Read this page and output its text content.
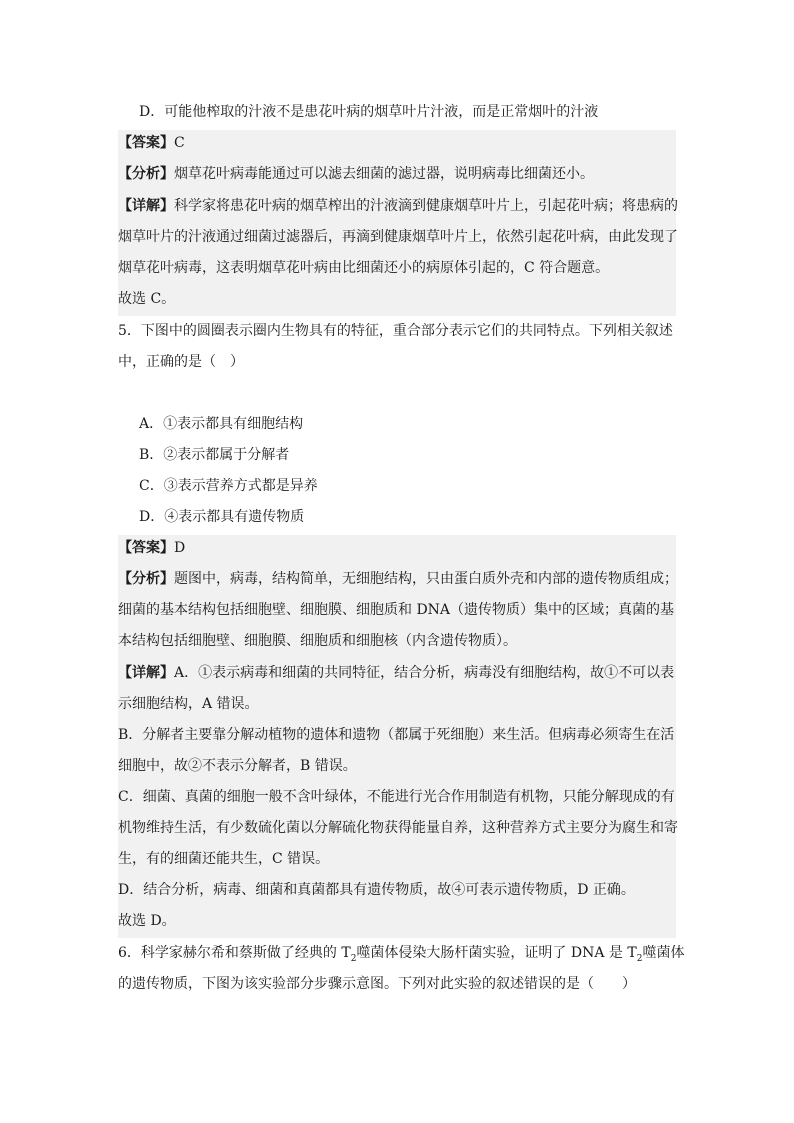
D．可能他榨取的汁液不是患花叶病的烟草叶片汁液，而是正常烟叶的汁液
【答案】C
【分析】烟草花叶病毒能通过可以滤去细菌的滤过器，说明病毒比细菌还小。
【详解】科学家将患花叶病的烟草榨出的汁液滴到健康烟草叶片上，引起花叶病；将患病的
烟草叶片的汁液通过细菌过滤器后，再滴到健康烟草叶片上，依然引起花叶病，由此发现了
烟草花叶病毒，这表明烟草花叶病由比细菌还小的病原体引起的，C 符合题意。
故选 C。
5．下图中的圆圈表示圈内生物具有的特征，重合部分表示它们的共同特点。下列相关叙述
中，正确的是（　）
A．①表示都具有细胞结构
B．②表示都属于分解者
C．③表示营养方式都是异养
D．④表示都具有遗传物质
【答案】D
【分析】题图中，病毒，结构简单，无细胞结构，只由蛋白质外壳和内部的遗传物质组成；
细菌的基本结构包括细胞壁、细胞膜、细胞质和 DNA（遗传物质）集中的区域；真菌的基
本结构包括细胞壁、细胞膜、细胞质和细胞核（内含遗传物质）。
【详解】A．①表示病毒和细菌的共同特征，结合分析，病毒没有细胞结构，故①不可以表
示细胞结构，A 错误。
B．分解者主要靠分解动植物的遗体和遗物（都属于死细胞）来生活。但病毒必须寄生在活
细胞中，故②不表示分解者，B 错误。
C．细菌、真菌的细胞一般不含叶绿体，不能进行光合作用制造有机物，只能分解现成的有
机物维持生活，有少数硫化菌以分解硫化物获得能量自养，这种营养方式主要分为腐生和寄
生，有的细菌还能共生，C 错误。
D．结合分析，病毒、细菌和真菌都具有遗传物质，故④可表示遗传物质，D 正确。
故选 D。
6．科学家赫尔希和蔡斯做了经典的 $T_2$噬菌体侵染大肠杆菌实验，证明了 DNA 是 $T_2$噬菌体
的遗传物质，下图为该实验部分步骤示意图。下列对此实验的叙述错误的是（　　）
